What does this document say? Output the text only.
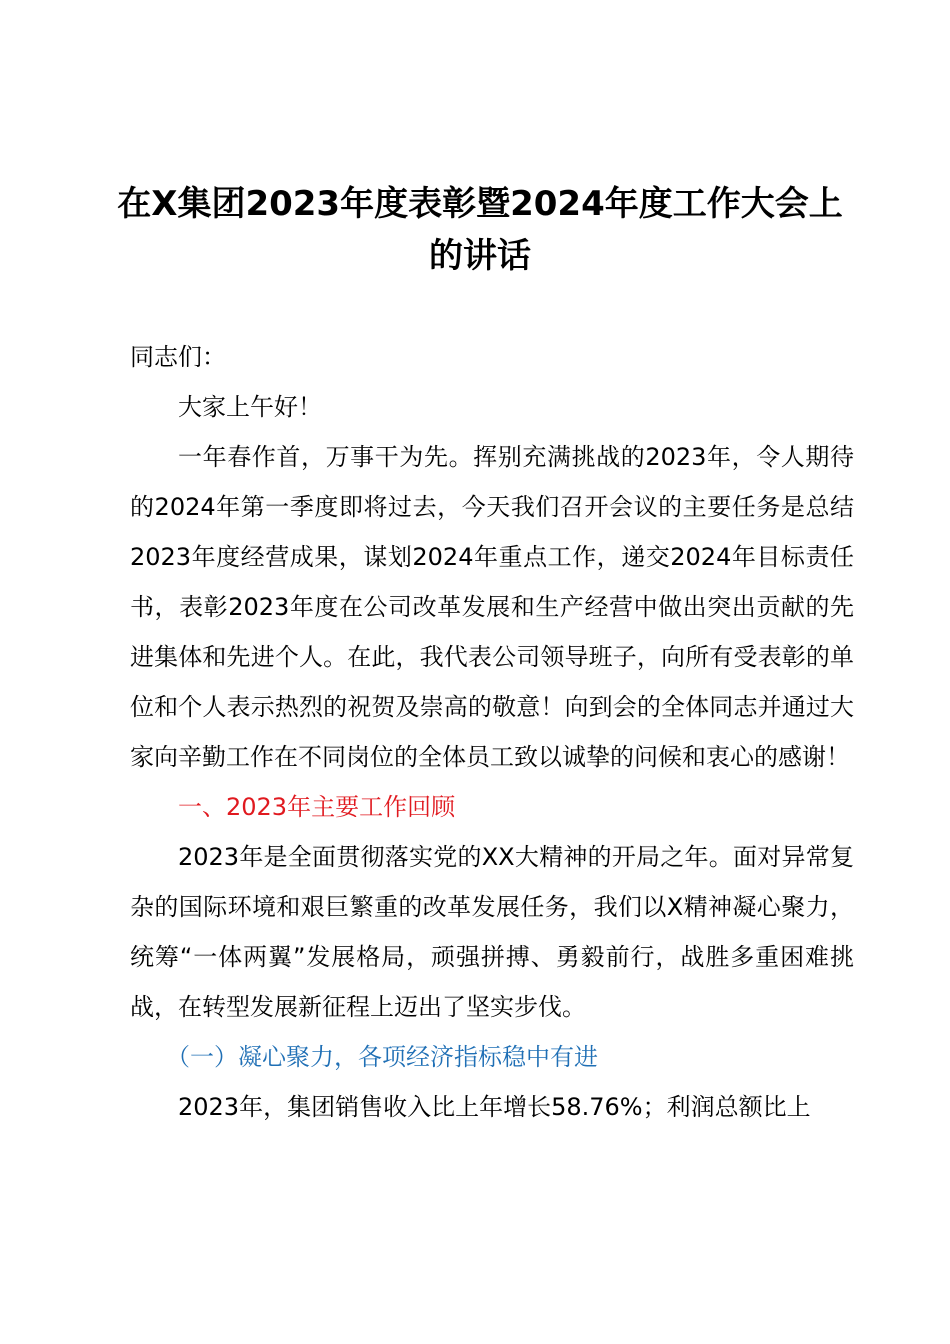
在X集团2023年度表彰暨2024年度工作大会上的讲话

同志们：

大家上午好！

一年春作首，万事干为先。挥别充满挑战的2023年，令人期待的2024年第一季度即将过去，今天我们召开会议的主要任务是总结2023年度经营成果，谋划2024年重点工作，递交2024年目标责任书，表彰2023年度在公司改革发展和生产经营中做出突出贡献的先进集体和先进个人。在此，我代表公司领导班子，向所有受表彰的单位和个人表示热烈的祝贺及崇高的敬意！向到会的全体同志并通过大家向辛勤工作在不同岗位的全体员工致以诚挚的问候和衷心的感谢！

一、2023年主要工作回顾

2023年是全面贯彻落实党的XX大精神的开局之年。面对异常复杂的国际环境和艰巨繁重的改革发展任务，我们以X精神凝心聚力，统筹“一体两翼”发展格局，顽强拼搏、勇毅前行，战胜多重困难挑战，在转型发展新征程上迈出了坚实步伐。

（一）凝心聚力，各项经济指标稳中有进

2023年，集团销售收入比上年增长58.76%；利润总额比上
